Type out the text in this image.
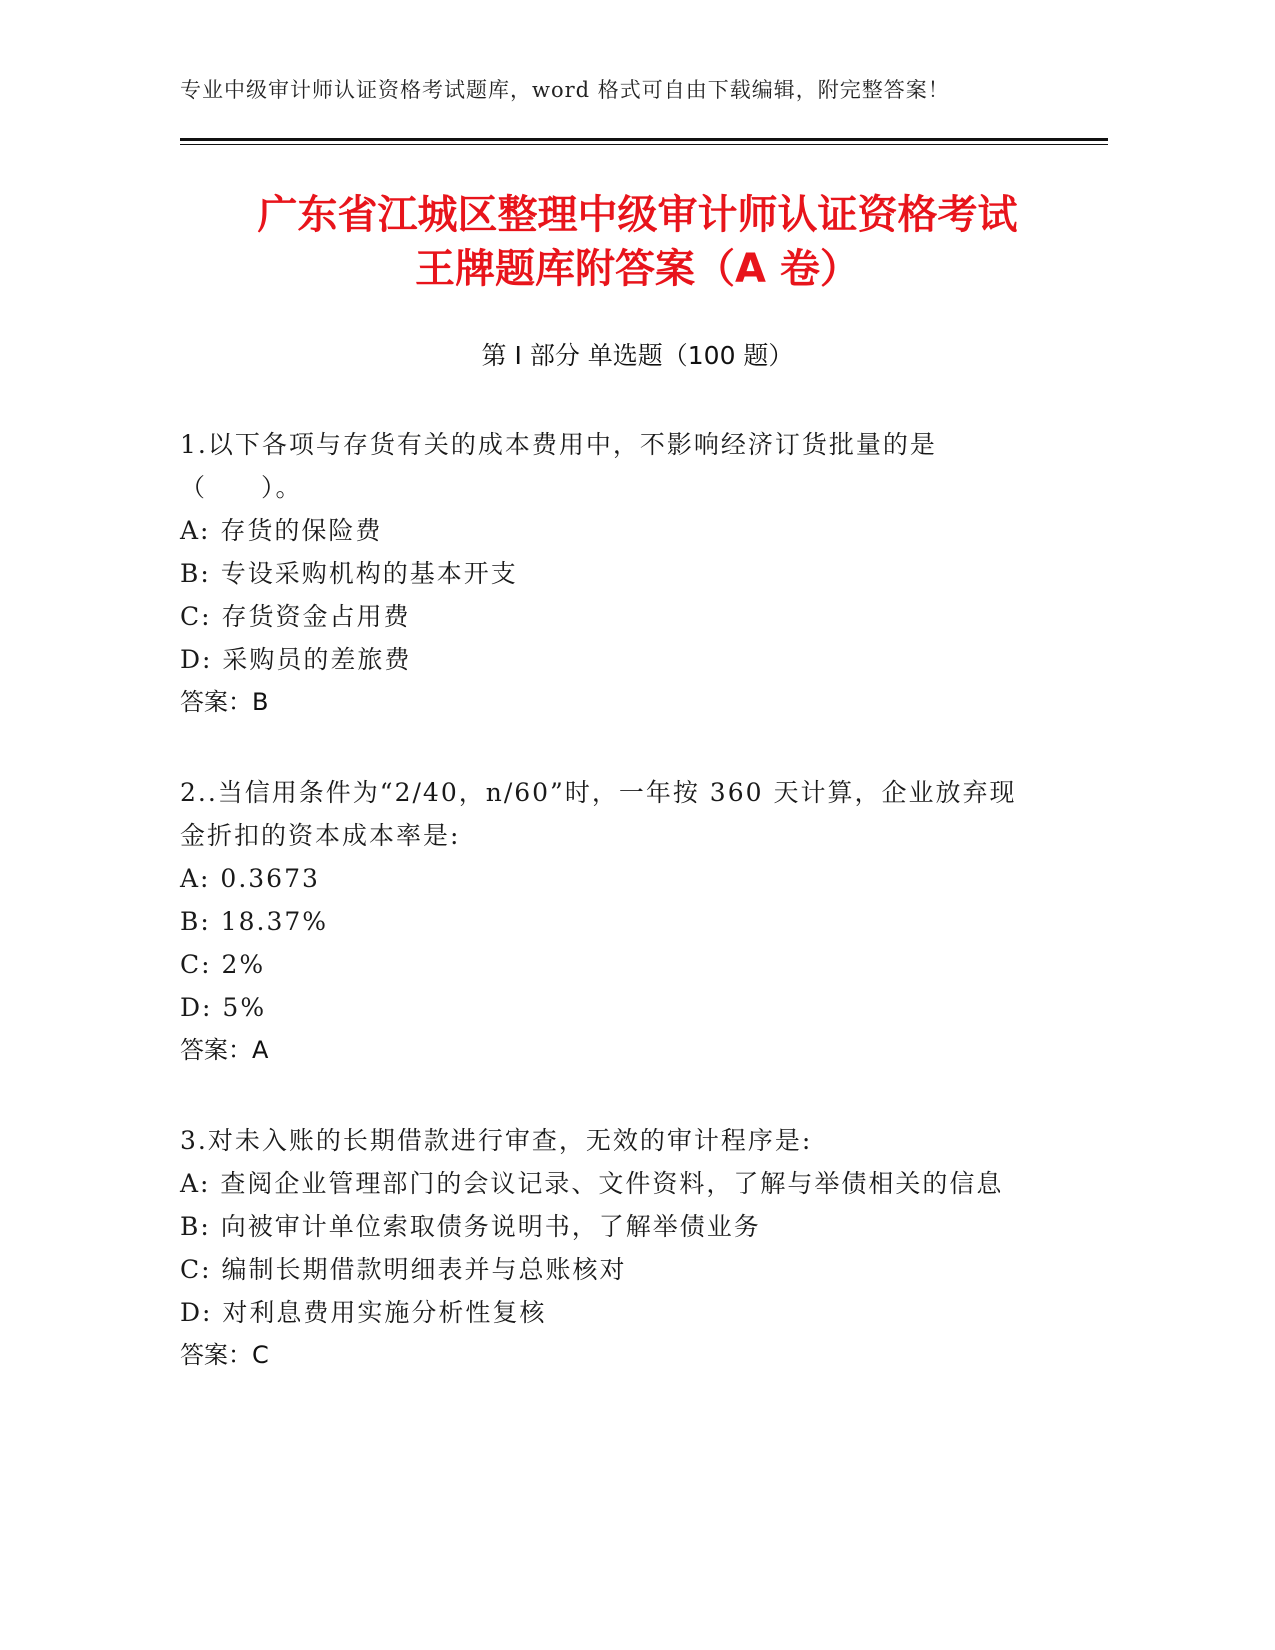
专业中级审计师认证资格考试题库，word 格式可自由下载编辑，附完整答案！
广东省江城区整理中级审计师认证资格考试
王牌题库附答案（A 卷）
第 I 部分 单选题（100 题）

1.以下各项与存货有关的成本费用中，不影响经济订货批量的是（　　）。

A: 存货的保险费
B: 专设采购机构的基本开支
C: 存货资金占用费
D: 采购员的差旅费
答案：B

2..当信用条件为“2/40，n/60”时，一年按 360 天计算，企业放弃现金折扣的资本成本率是:

A: 0.3673
B: 18.37%
C: 2%
D: 5%
答案：A

3.对未入账的长期借款进行审查，无效的审计程序是:

A: 查阅企业管理部门的会议记录、文件资料，了解与举债相关的信息
B: 向被审计单位索取债务说明书，了解举债业务
C: 编制长期借款明细表并与总账核对
D: 对利息费用实施分析性复核
答案：C
